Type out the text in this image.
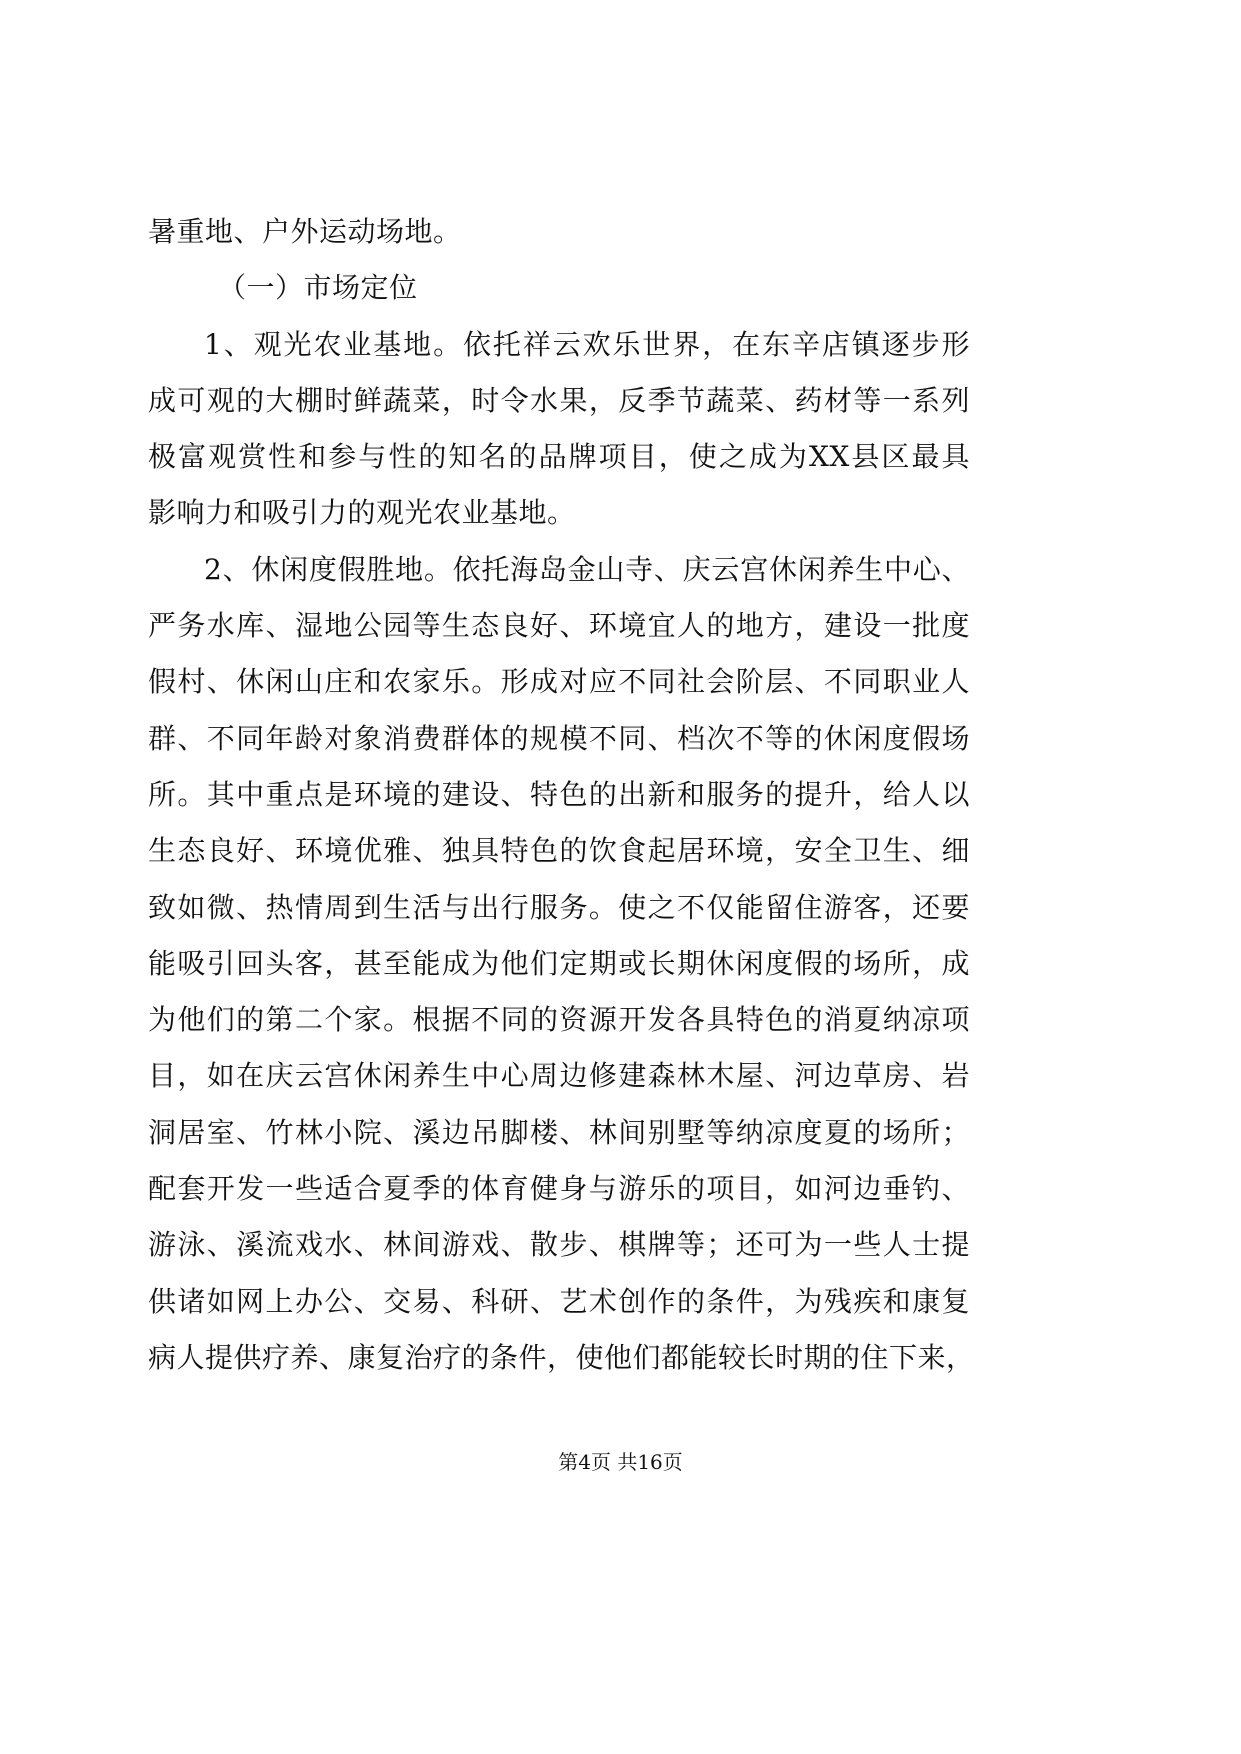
暑重地、户外运动场地。
（一）市场定位
1、观光农业基地。依托祥云欢乐世界，在东辛店镇逐步形
成可观的大棚时鲜蔬菜，时令水果，反季节蔬菜、药材等一系列
极富观赏性和参与性的知名的品牌项目，使之成为XX县区最具
影响力和吸引力的观光农业基地。
2、休闲度假胜地。依托海岛金山寺、庆云宫休闲养生中心、
严务水库、湿地公园等生态良好、环境宜人的地方，建设一批度
假村、休闲山庄和农家乐。形成对应不同社会阶层、不同职业人
群、不同年龄对象消费群体的规模不同、档次不等的休闲度假场
所。其中重点是环境的建设、特色的出新和服务的提升，给人以
生态良好、环境优雅、独具特色的饮食起居环境，安全卫生、细
致如微、热情周到生活与出行服务。使之不仅能留住游客，还要
能吸引回头客，甚至能成为他们定期或长期休闲度假的场所，成
为他们的第二个家。根据不同的资源开发各具特色的消夏纳凉项
目，如在庆云宫休闲养生中心周边修建森林木屋、河边草房、岩
洞居室、竹林小院、溪边吊脚楼、林间别墅等纳凉度夏的场所；
配套开发一些适合夏季的体育健身与游乐的项目，如河边垂钓、
游泳、溪流戏水、林间游戏、散步、棋牌等；还可为一些人士提
供诸如网上办公、交易、科研、艺术创作的条件，为残疾和康复
病人提供疗养、康复治疗的条件，使他们都能较长时期的住下来，
第4页 共16页
